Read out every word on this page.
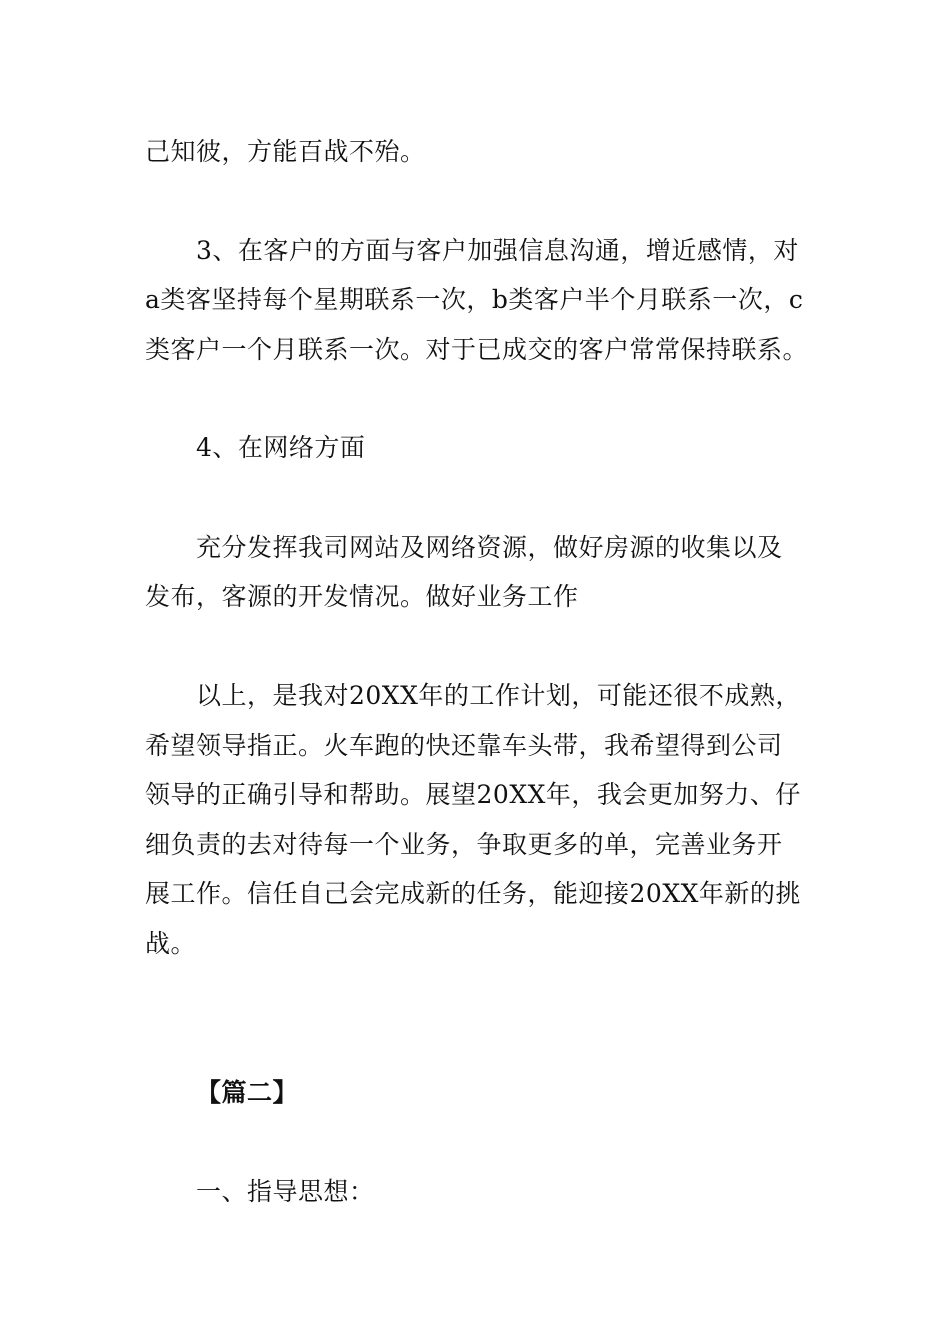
己知彼，方能百战不殆。
3、在客户的方面与客户加强信息沟通，增近感情，对
a类客坚持每个星期联系一次，b类客户半个月联系一次，c
类客户一个月联系一次。对于已成交的客户常常保持联系。
4、在网络方面
充分发挥我司网站及网络资源，做好房源的收集以及
发布，客源的开发情况。做好业务工作
以上，是我对20XX年的工作计划，可能还很不成熟，
希望领导指正。火车跑的快还靠车头带，我希望得到公司
领导的正确引导和帮助。展望20XX年，我会更加努力、仔
细负责的去对待每一个业务，争取更多的单，完善业务开
展工作。信任自己会完成新的任务，能迎接20XX年新的挑
战。
【篇二】
一、指导思想：
